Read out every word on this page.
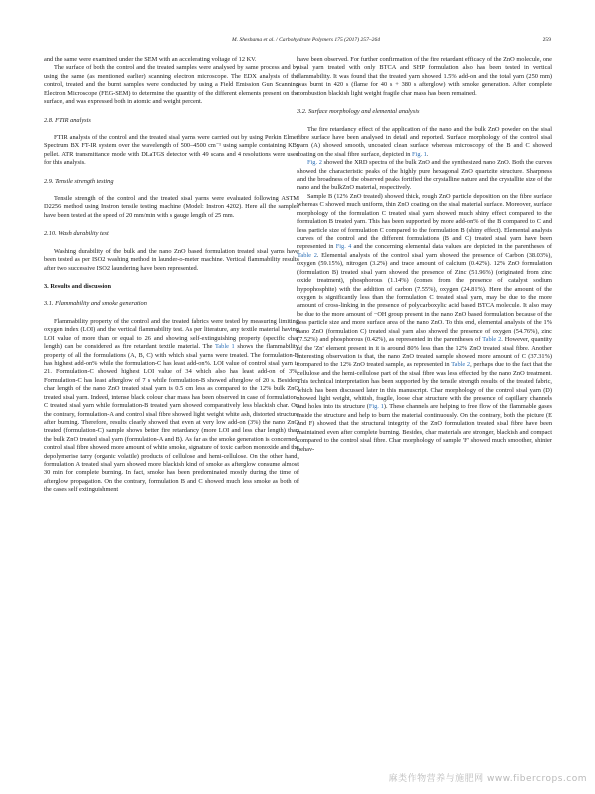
M. Sheshama et al. / Carbohydrate Polymers 175 (2017) 257–264	259

and the same were examined under the SEM with an accelerating voltage of 12 KV.

The surface of both the control and the treated samples were analysed by same process and by using the same (as mentioned earlier) scanning electron microscope. The EDX analysis of the control, treated and the burnt samples were conducted by using a Field Emission Gun Scanning Electron Microscope (FEG-SEM) to determine the quantity of the different elements present on the surface, and was expressed both in atomic and weight percent.

2.8. FTIR analysis

FTIR analysis of the control and the treated sisal yarns were carried out by using Perkin Elmer Spectrum BX FT-IR system over the wavelength of 500–4500 cm⁻¹ using sample containing KBr pellet. ATR transmittance mode with DLaTGS detector with 49 scans and 4 resolutions were used for this analysis.

2.9. Tensile strength testing

Tensile strength of the control and the treated sisal yarns were evaluated following ASTM D2256 method using Instron tensile testing machine (Model: Instron 4202). Here all the samples have been tested at the speed of 20 mm/min with s gauge length of 25 mm.

2.10. Wash durability test

Washing durability of the bulk and the nano ZnO based formulation treated sisal yarns have been tested as per ISO2 washing method in launder-o-meter machine. Vertical flammability results after two successive ISO2 laundering have been represented.

3. Results and discussion
3.1. Flammability and smoke generation

Flammability property of the control and the treated fabrics were tested by measuring limiting oxygen index (LOI) and the vertical flammability test. As per literature, any textile material having LOI value of more than or equal to 26 and showing self-extinguishing property (specific char length) can be considered as fire retardant textile material. The Table 1 shows the flammability property of all the formulations (A, B, C) with which sisal yarns were treated. The formulation-B has highest add-on% while the formulation-C has least add-on%. LOI value of control sisal yarn is 21. Formulation-C showed highest LOI value of 34 which also has least add-on of 3%. Formulation-C has least afterglow of 7 s while formulation-B showed afterglow of 20 s. Besides, char length of the nano ZnO treated sisal yarn is 0.5 cm less as compared to the 12% bulk ZnO treated sisal yarn. Indeed, intense black colour char mass has been observed in case of formulation-C treated sisal yarn while formulation-B treated yarn showed comparatively less blackish char. On the contrary, formulation-A and control sisal fibre showed light weight white ash, distorted structure after burning. Therefore, results clearly showed that even at very low add-on (3%) the nano ZnO treated (formulation-C) sample shows better fire retardancy (more LOI and less char length) than the bulk ZnO treated sisal yarn (formulation-A and B). As far as the smoke generation is concerned, control sisal fibre showed more amount of white smoke, signature of toxic carbon monoxide and the depolymerise tarry (organic volatile) products of cellulose and hemi-cellulose. On the other hand, formulation A treated sisal yarn showed more blackish kind of smoke as afterglow consume almost 30 min for complete burning. In fact, smoke has been predominated mostly during the time of afterglow propagation. On the contrary, formulation B and C showed much less smoke as both of the cases self extinguishment

have been observed. For further confirmation of the fire retardant efficacy of the ZnO molecule, one sisal yarn treated with only BTCA and SHP formulation also has been tested in vertical flammability. It was found that the treated yarn showed 1.5% add-on and the total yarn (250 mm) was burnt in 420 s (flame for 40 s + 380 s afterglow) with smoke generation. After complete combustion blackish light weight fragile char mass has been remained.

3.2. Surface morphology and elemental analysis

The fire retardancy effect of the application of the nano and the bulk ZnO powder on the sisal fibre surface have been analysed in detail and reported. Surface morphology of the control sisal yarn (A) showed smooth, uncoated clean surface whereas microscopy of the B and C showed coating on the sisal fibre surface, depicted in Fig. 1.

Fig. 2 showed the XRD spectra of the bulk ZnO and the synthesized nano ZnO. Both the curves showed the characteristic peaks of the highly pure hexagonal ZnO quartzite structure. Sharpness and the broadness of the observed peaks fortified the crystalline nature and the crystallite size of the nano and the bulkZnO material, respectively.

Sample B (12% ZnO treated) showed thick, rough ZnO particle deposition on the fibre surface whereas C showed much uniform, thin ZnO coating on the sisal material surface. Moreover, surface morphology of the formulation C treated sisal yarn showed much shiny effect compared to the formulation B treated yarn. This has been supported by more add-on% of the B compared to C and less particle size of formulation C compared to the formulation B (shiny effect). Elemental analysis curves of the control and the different formulations (B and C) treated sisal yarn have been represented in Fig. 4 and the concerning elemental data values are depicted in the parentheses of Table 2. Elemental analysis of the control sisal yarn showed the presence of Carbon (38.03%), oxygen (59.15%), nitrogen (3.2%) and trace amount of calcium (0.42%). 12% ZnO formulation (formulation B) treated sisal yarn showed the presence of Zinc (51.96%) (originated from zinc oxide treatment), phosphorous (1.14%) (comes from the presence of catalyst sodium hypophosphite) with the addition of carbon (7.55%), oxygen (24.81%). Here the amount of the oxygen is significantly less than the formulation C treated sisal yarn, may be due to the more amount of cross-linking in the presence of polycarboxylic acid based BTCA molecule. It also may be due to the more amount of −OH group present in the nano ZnO based formulation because of the less particle size and more surface area of the nano ZnO. To this end, elemental analysis of the 1% nano ZnO (formulation C) treated sisal yarn also showed the presence of oxygen (54.76%), zinc (7.52%) and phosphorous (0.42%), as represented in the parentheses of Table 2. However, quantity of the 'Zn' element present in it is around 80% less than the 12% ZnO treated sisal fibre. Another interesting observation is that, the nano ZnO treated sample showed more amount of C (37.31%) compared to the 12% ZnO treated sample, as represented in Table 2, perhaps due to the fact that the cellulose and the hemi-cellulose part of the sisal fibre was less effected by the nano ZnO treatment. This technical interpretation has been supported by the tensile strength results of the treated fabric, which has been discussed later in this manuscript. Char morphology of the control sisal yarn (D) showed light weight, whitish, fragile, loose char structure with the presence of capillary channels and holes into its structure (Fig. 1). These channels are helping to free flow of the flammable gases inside the structure and help to burn the material continuously. On the contrary, both the picture (E and F) showed that the structural integrity of the ZnO formulation treated sisal fibre have been maintained even after complete burning. Besides, char materials are stronger, blackish and compact compared to the control sisal fibre. Char morphology of sample 'F' showed much smoother, shinier behav-

麻类作物营养与施肥网 www.fibercrops.com
